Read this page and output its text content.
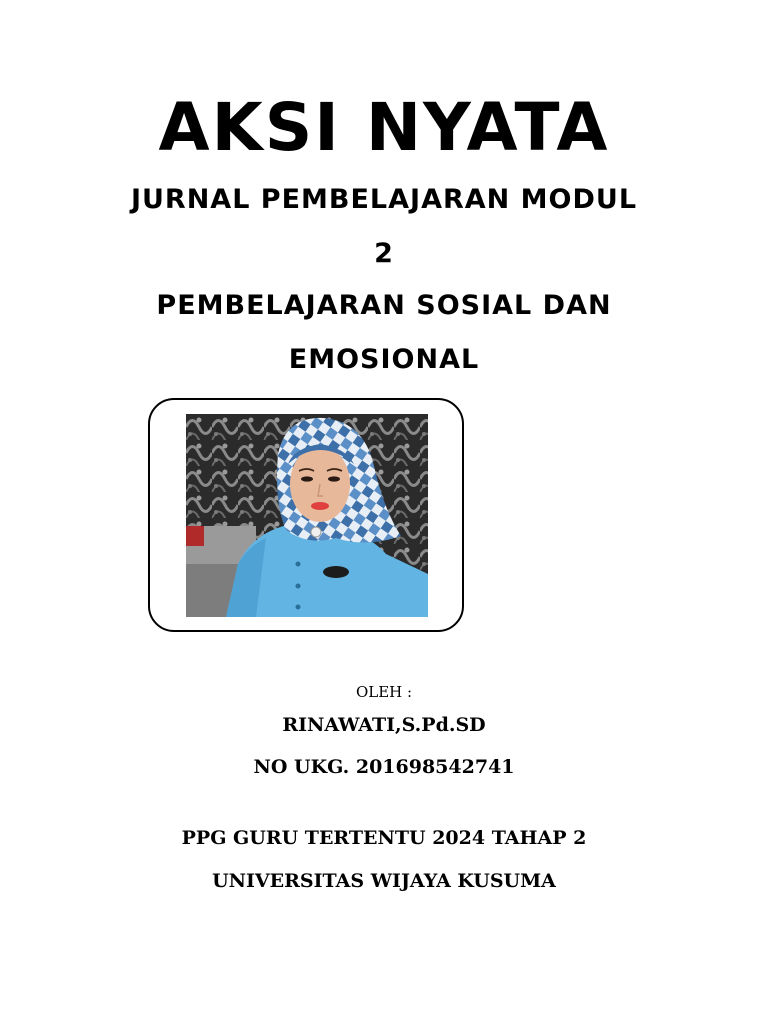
AKSI NYATA
JURNAL PEMBELAJARAN MODUL
2
PEMBELAJARAN SOSIAL DAN
EMOSIONAL
OLEH :
RINAWATI,S.Pd.SD
NO UKG. 201698542741
PPG GURU TERTENTU 2024 TAHAP 2
UNIVERSITAS WIJAYA KUSUMA
